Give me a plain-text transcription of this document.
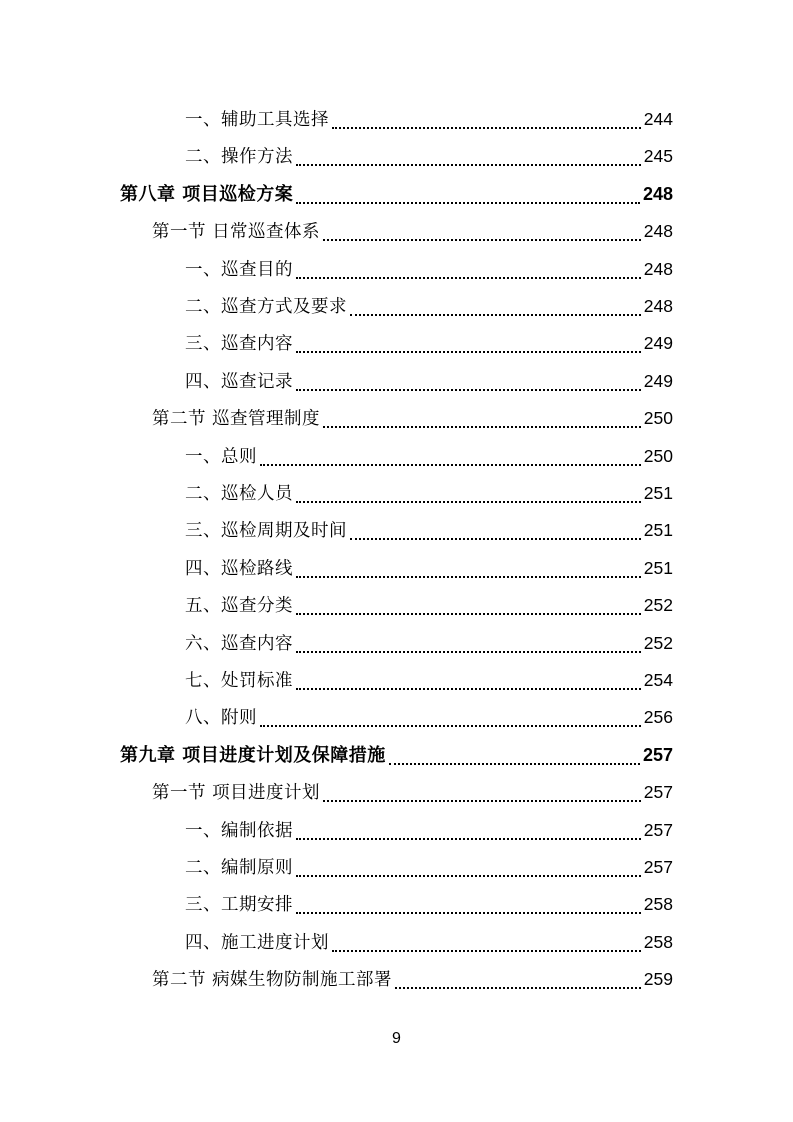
一、辅助工具选择	244
二、操作方法	245
第八章 项目巡检方案	248
第一节 日常巡查体系	248
一、巡查目的	248
二、巡查方式及要求	248
三、巡查内容	249
四、巡查记录	249
第二节 巡查管理制度	250
一、总则	250
二、巡检人员	251
三、巡检周期及时间	251
四、巡检路线	251
五、巡查分类	252
六、巡查内容	252
七、处罚标准	254
八、附则	256
第九章 项目进度计划及保障措施	257
第一节 项目进度计划	257
一、编制依据	257
二、编制原则	257
三、工期安排	258
四、施工进度计划	258
第二节 病媒生物防制施工部署	259
9
